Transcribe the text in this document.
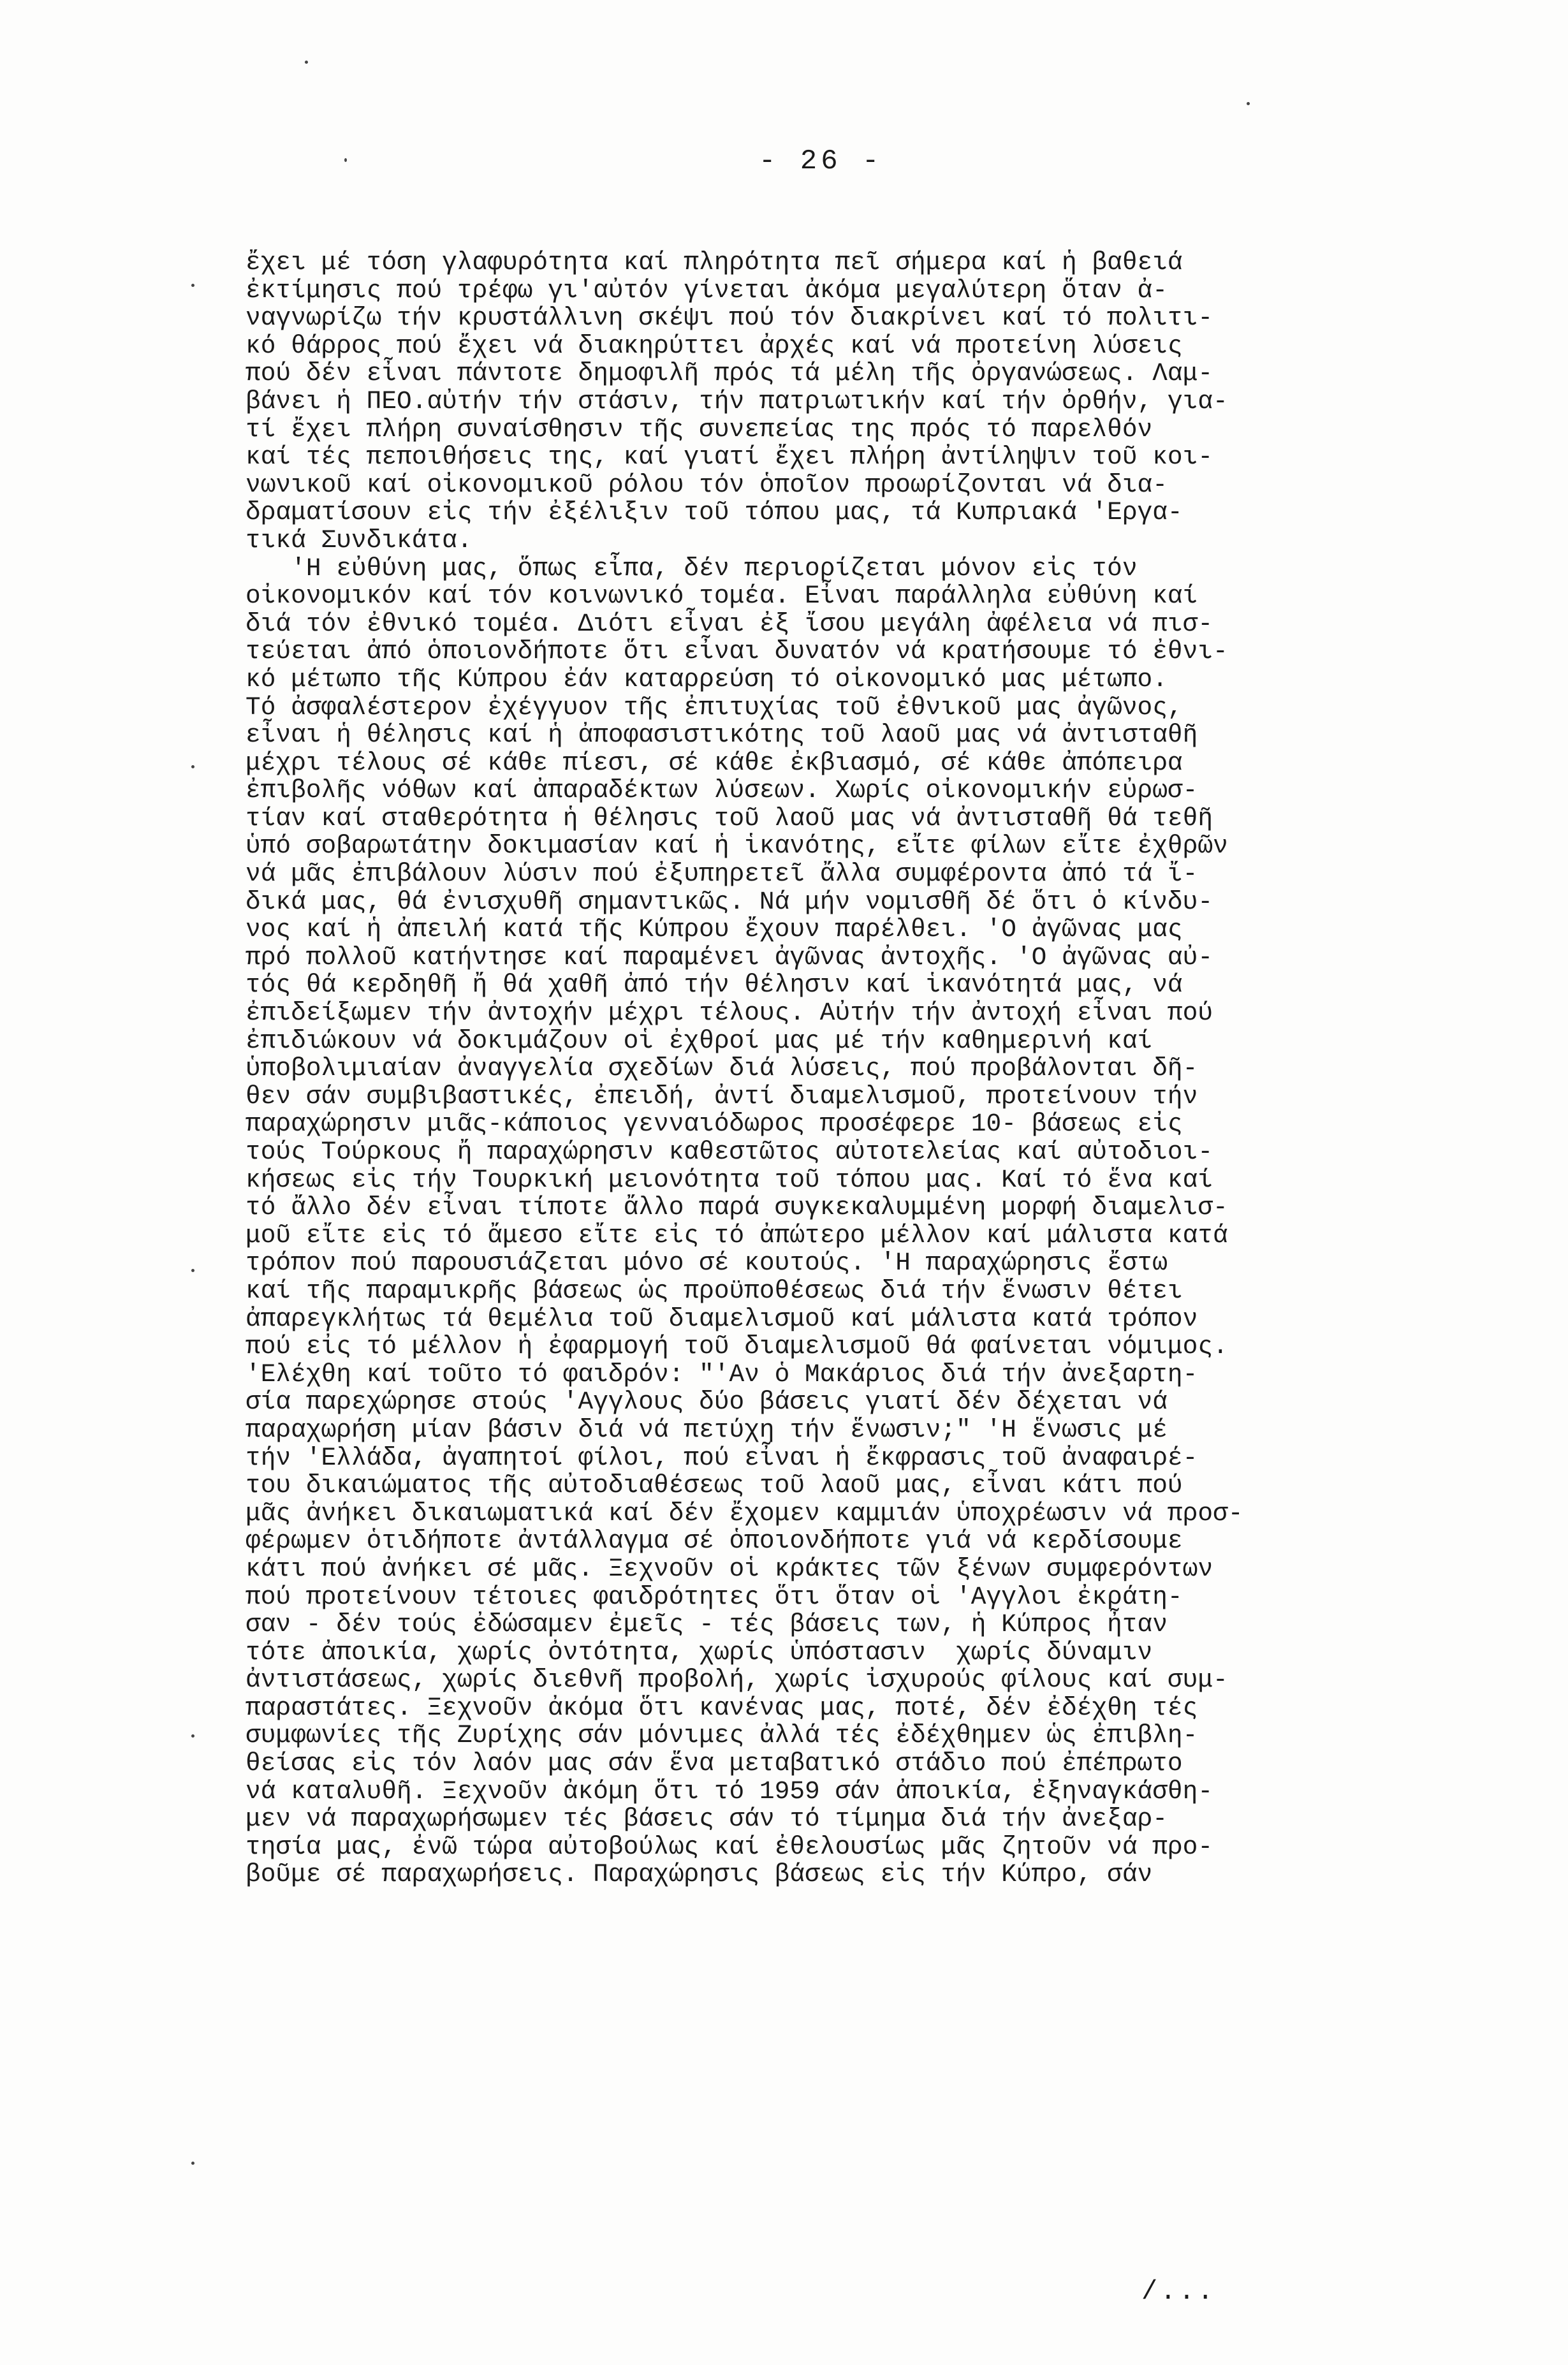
- 26 -
ἔχει μέ τόση γλαφυρότητα καί πληρότητα πεῖ σήμερα καί ἡ βαθειά
ἐκτίμησις πού τρέφω γι'αὐτόν γίνεται ἀκόμα μεγαλύτερη ὅταν ἀ-
ναγνωρίζω τήν κρυστάλλινη σκέψι πού τόν διακρίνει καί τό πολιτι-
κό θάρρος πού ἔχει νά διακηρύττει ἀρχές καί νά προτείνη λύσεις
πού δέν εἶναι πάντοτε δημοφιλῆ πρός τά μέλη τῆς ὀργανώσεως. Λαμ-
βάνει ἡ ΠΕΟ.αὐτήν τήν στάσιν, τήν πατριωτικήν καί τήν ὀρθήν, για-
τί ἔχει πλήρη συναίσθησιν τῆς συνεπείας της πρός τό παρελθόν
καί τές πεποιθήσεις της, καί γιατί ἔχει πλήρη ἀντίληψιν τοῦ κοι-
νωνικοῦ καί οἰκονομικοῦ ρόλου τόν ὁποῖον προωρίζονται νά δια-
δραματίσουν εἰς τήν ἐξέλιξιν τοῦ τόπου μας, τά Κυπριακά 'Εργα-
τικά Συνδικάτα.
'Η εὐθύνη μας, ὅπως εἶπα, δέν περιορίζεται μόνον εἰς τόν
οἰκονομικόν καί τόν κοινωνικό τομέα. Εἶναι παράλληλα εὐθύνη καί
διά τόν ἐθνικό τομέα. Διότι εἶναι ἐξ ἴσου μεγάλη ἀφέλεια νά πισ-
τεύεται ἀπό ὁποιονδήποτε ὅτι εἶναι δυνατόν νά κρατήσουμε τό ἐθνι-
κό μέτωπο τῆς Κύπρου ἐάν καταρρεύση τό οἰκονομικό μας μέτωπο.
Τό ἀσφαλέστερον ἐχέγγυον τῆς ἐπιτυχίας τοῦ ἐθνικοῦ μας ἀγῶνος,
εἶναι ἡ θέλησις καί ἡ ἀποφασιστικότης τοῦ λαοῦ μας νά ἀντισταθῆ
μέχρι τέλους σέ κάθε πίεσι, σέ κάθε ἐκβιασμό, σέ κάθε ἀπόπειρα
ἐπιβολῆς νόθων καί ἀπαραδέκτων λύσεων. Χωρίς οἰκονομικήν εὐρωσ-
τίαν καί σταθερότητα ἡ θέλησις τοῦ λαοῦ μας νά ἀντισταθῆ θά τεθῆ
ὑπό σοβαρωτάτην δοκιμασίαν καί ἡ ἱκανότης, εἴτε φίλων εἴτε ἐχθρῶν
νά μᾶς ἐπιβάλουν λύσιν πού ἐξυπηρετεῖ ἄλλα συμφέροντα ἀπό τά ἴ-
δικά μας, θά ἐνισχυθῆ σημαντικῶς. Νά μήν νομισθῆ δέ ὅτι ὁ κίνδυ-
νος καί ἡ ἀπειλή κατά τῆς Κύπρου ἔχουν παρέλθει. 'Ο ἀγῶνας μας
πρό πολλοῦ κατήντησε καί παραμένει ἀγῶνας ἀντοχῆς. 'Ο ἀγῶνας αὐ-
τός θά κερδηθῆ ἤ θά χαθῆ ἀπό τήν θέλησιν καί ἱκανότητά μας, νά
ἐπιδείξωμεν τήν ἀντοχήν μέχρι τέλους. Αὐτήν τήν ἀντοχή εἶναι πού
ἐπιδιώκουν νά δοκιμάζουν οἱ ἐχθροί μας μέ τήν καθημερινή καί
ὑποβολιμιαίαν ἀναγγελία σχεδίων διά λύσεις, πού προβάλονται δῆ-
θεν σάν συμβιβαστικές, ἐπειδή, ἀντί διαμελισμοῦ, προτείνουν τήν
παραχώρησιν μιᾶς-κάποιος γενναιόδωρος προσέφερε 10- βάσεως εἰς
τούς Τούρκους ἤ παραχώρησιν καθεστῶτος αὐτοτελείας καί αὐτοδιοι-
κήσεως εἰς τήν Τουρκική μειονότητα τοῦ τόπου μας. Καί τό ἕνα καί
τό ἄλλο δέν εἶναι τίποτε ἄλλο παρά συγκεκαλυμμένη μορφή διαμελισ-
μοῦ εἴτε εἰς τό ἄμεσο εἴτε εἰς τό ἀπώτερο μέλλον καί μάλιστα κατά
τρόπον πού παρουσιάζεται μόνο σέ κουτούς. 'Η παραχώρησις ἔστω
καί τῆς παραμικρῆς βάσεως ὡς προϋποθέσεως διά τήν ἕνωσιν θέτει
ἀπαρεγκλήτως τά θεμέλια τοῦ διαμελισμοῦ καί μάλιστα κατά τρόπον
πού εἰς τό μέλλον ἡ ἐφαρμογή τοῦ διαμελισμοῦ θά φαίνεται νόμιμος.
'Ελέχθη καί τοῦτο τό φαιδρόν: "'Αν ὁ Μακάριος διά τήν ἀνεξαρτη-
σία παρεχώρησε στούς 'Αγγλους δύο βάσεις γιατί δέν δέχεται νά
παραχωρήση μίαν βάσιν διά νά πετύχη τήν ἕνωσιν;" 'Η ἕνωσις μέ
τήν 'Ελλάδα, ἀγαπητοί φίλοι, πού εἶναι ἡ ἔκφρασις τοῦ ἀναφαιρέ-
του δικαιώματος τῆς αὐτοδιαθέσεως τοῦ λαοῦ μας, εἶναι κάτι πού
μᾶς ἀνήκει δικαιωματικά καί δέν ἔχομεν καμμιάν ὑποχρέωσιν νά προσ-
φέρωμεν ὁτιδήποτε ἀντάλλαγμα σέ ὁποιονδήποτε γιά νά κερδίσουμε
κάτι πού ἀνήκει σέ μᾶς. Ξεχνοῦν οἱ κράκτες τῶν ξένων συμφερόντων
πού προτείνουν τέτοιες φαιδρότητες ὅτι ὅταν οἱ 'Αγγλοι ἐκράτη-
σαν - δέν τούς ἐδώσαμεν ἐμεῖς - τές βάσεις των, ἡ Κύπρος ἦταν
τότε ἀποικία, χωρίς ὀντότητα, χωρίς ὑπόστασιν  χωρίς δύναμιν
ἀντιστάσεως, χωρίς διεθνῆ προβολή, χωρίς ἰσχυρούς φίλους καί συμ-
παραστάτες. Ξεχνοῦν ἀκόμα ὅτι κανένας μας, ποτέ, δέν ἐδέχθη τές
συμφωνίες τῆς Ζυρίχης σάν μόνιμες ἀλλά τές ἐδέχθημεν ὡς ἐπιβλη-
θείσας εἰς τόν λαόν μας σάν ἕνα μεταβατικό στάδιο πού ἐπέπρωτο
νά καταλυθῆ. Ξεχνοῦν ἀκόμη ὅτι τό 1959 σάν ἀποικία, ἐξηναγκάσθη-
μεν νά παραχωρήσωμεν τές βάσεις σάν τό τίμημα διά τήν ἀνεξαρ-
τησία μας, ἐνῶ τώρα αὐτοβούλως καί ἐθελουσίως μᾶς ζητοῦν νά προ-
βοῦμε σέ παραχωρήσεις. Παραχώρησις βάσεως εἰς τήν Κύπρο, σάν
/...
